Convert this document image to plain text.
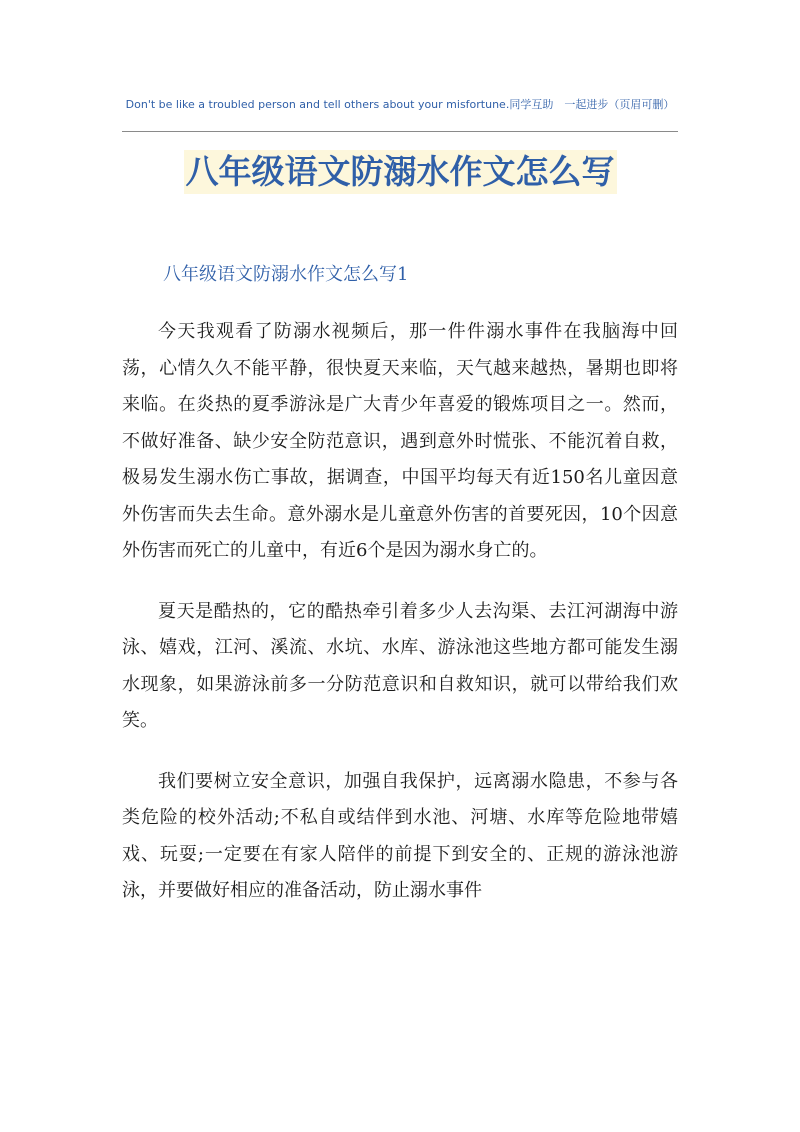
Don't be like a troubled person and tell others about your misfortune.同学互助　一起进步（页眉可删）
八年级语文防溺水作文怎么写
八年级语文防溺水作文怎么写1

今天我观看了防溺水视频后，那一件件溺水事件在我脑海中回荡，心情久久不能平静，很快夏天来临，天气越来越热，暑期也即将来临。在炎热的夏季游泳是广大青少年喜爱的锻炼项目之一。然而，不做好准备、缺少安全防范意识，遇到意外时慌张、不能沉着自救，极易发生溺水伤亡事故，据调查，中国平均每天有近150名儿童因意外伤害而失去生命。意外溺水是儿童意外伤害的首要死因，10个因意外伤害而死亡的儿童中，有近6个是因为溺水身亡的。

夏天是酷热的，它的酷热牵引着多少人去沟渠、去江河湖海中游泳、嬉戏，江河、溪流、水坑、水库、游泳池这些地方都可能发生溺水现象，如果游泳前多一分防范意识和自救知识，就可以带给我们欢笑。

我们要树立安全意识，加强自我保护，远离溺水隐患，不参与各类危险的校外活动;不私自或结伴到水池、河塘、水库等危险地带嬉戏、玩耍;一定要在有家人陪伴的前提下到安全的、正规的游泳池游泳，并要做好相应的准备活动，防止溺水事件
